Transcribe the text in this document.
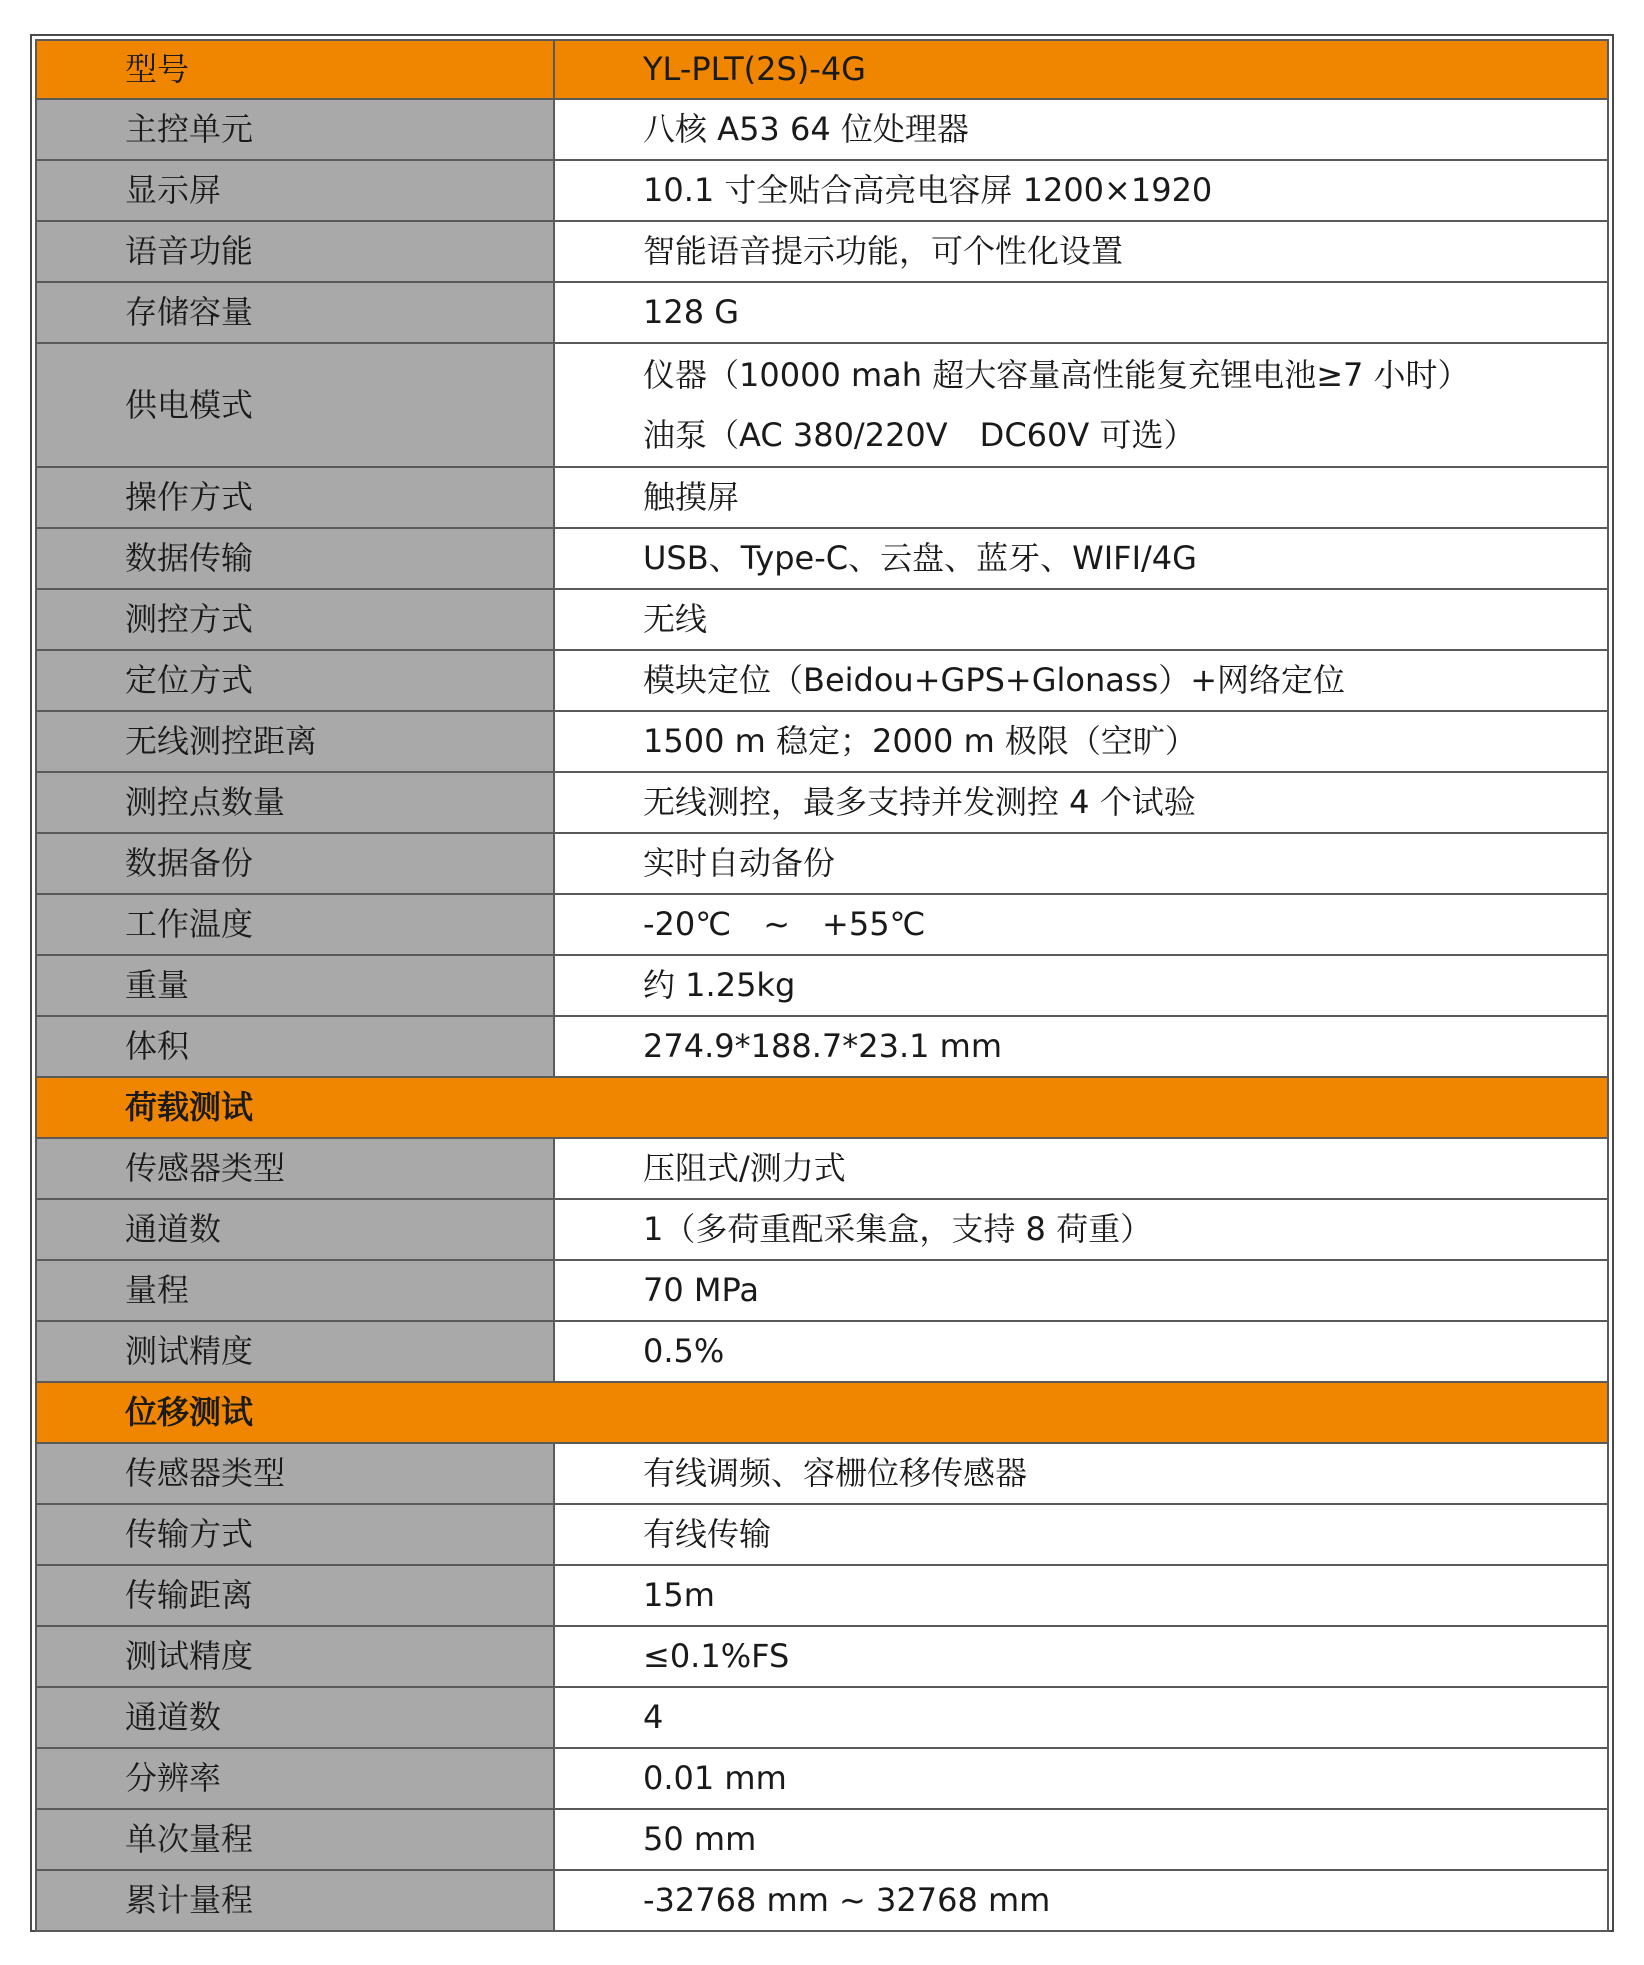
型号	YL-PLT(2S)-4G
主控单元	八核 A53 64 位处理器
显示屏	10.1 寸全贴合高亮电容屏 1200×1920
语音功能	智能语音提示功能，可个性化设置
存储容量	128 G
供电模式	仪器（10000 mah 超大容量高性能复充锂电池≥7 小时）
油泵（AC 380/220V　DC60V 可选）

操作方式	触摸屏
数据传输	USB、Type-C、云盘、蓝牙、WIFI/4G
测控方式	无线
定位方式	模块定位（Beidou+GPS+Glonass）+网络定位
无线测控距离	1500 m 稳定；2000 m 极限（空旷）
测控点数量	无线测控，最多支持并发测控 4 个试验
数据备份	实时自动备份
工作温度	-20℃　~　+55℃
重量	约 1.25kg
体积	274.9*188.7*23.1 mm
荷载测试	
传感器类型	压阻式/测力式
通道数	1（多荷重配采集盒，支持 8 荷重）
量程	70 MPa
测试精度	0.5%
位移测试	
传感器类型	有线调频、容栅位移传感器
传输方式	有线传输
传输距离	15m
测试精度	≤0.1%FS
通道数	4
分辨率	0.01 mm
单次量程	50 mm
累计量程	-32768 mm ~ 32768 mm
